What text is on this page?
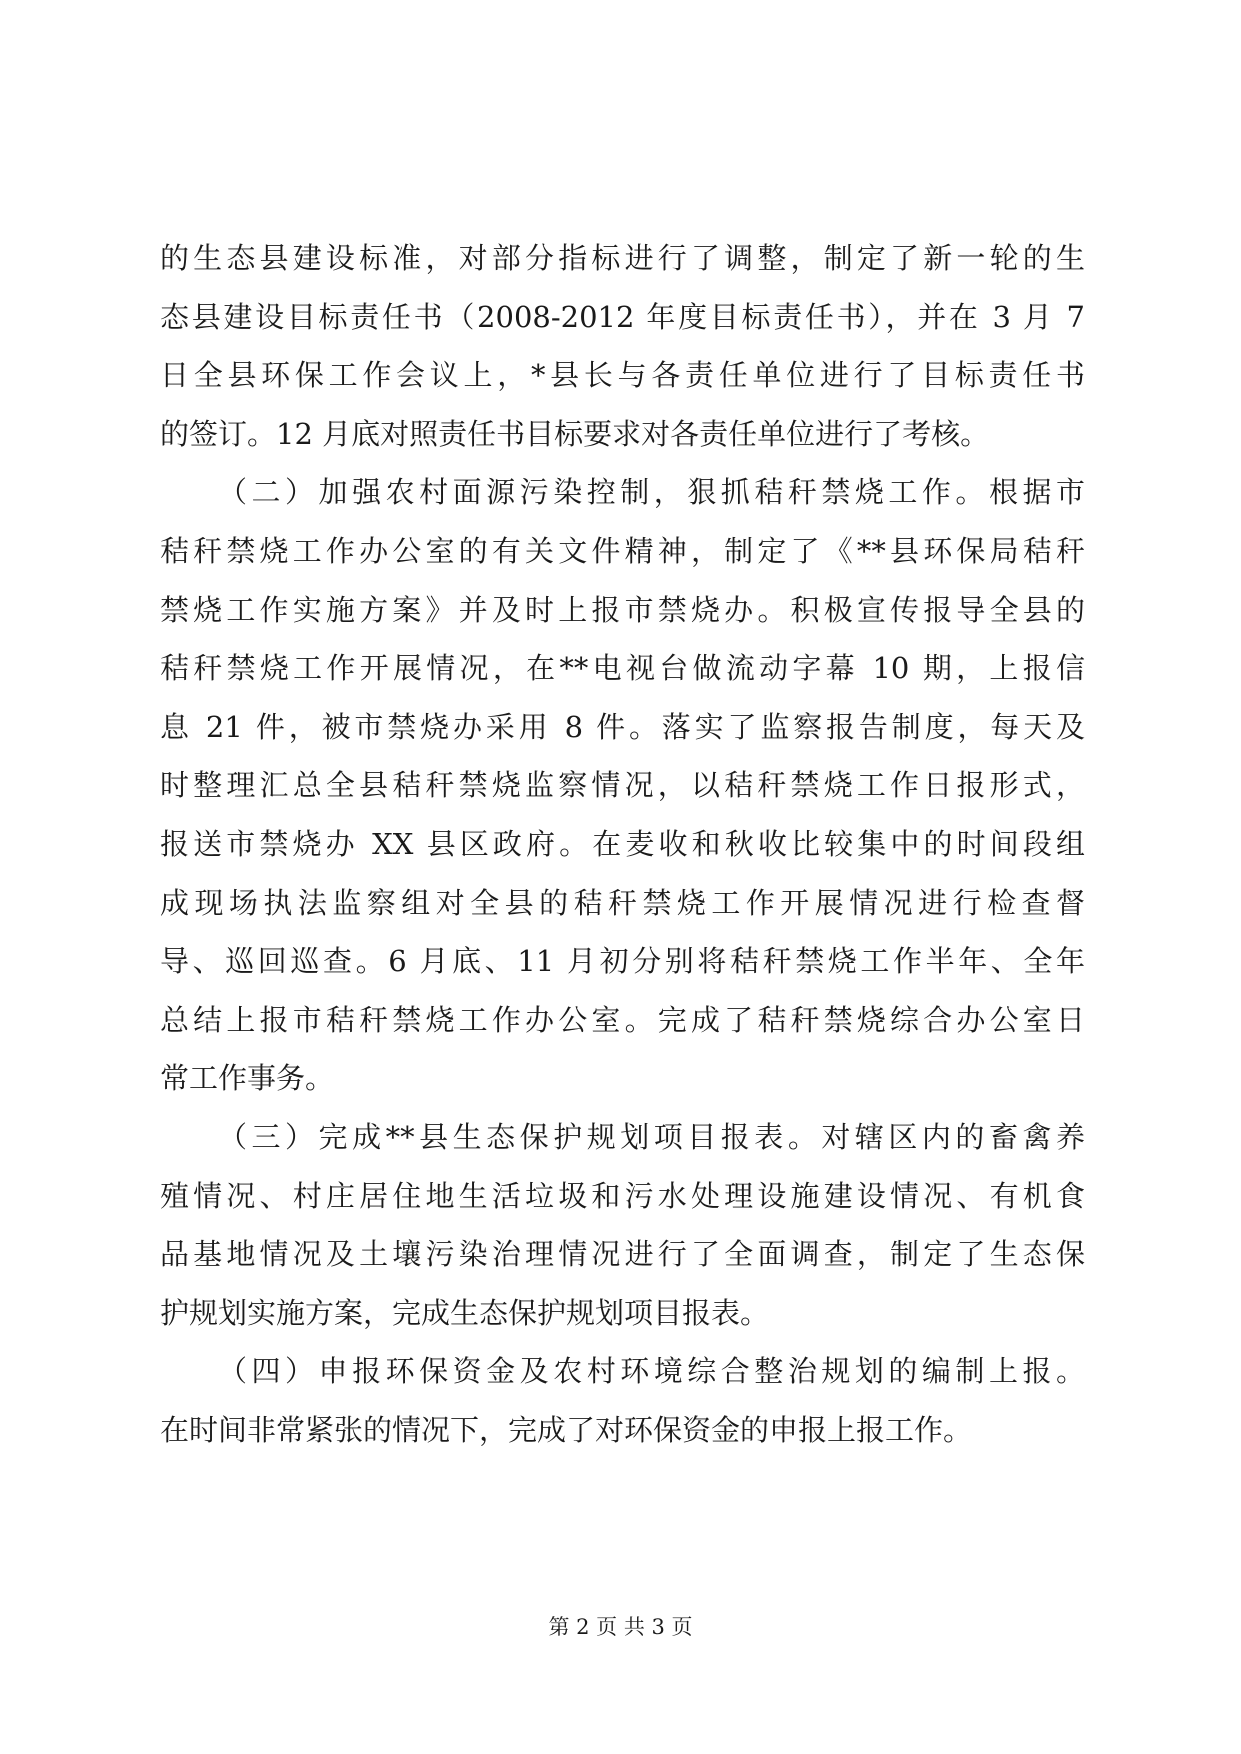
的生态县建设标准，对部分指标进行了调整，制定了新一轮的生
态县建设目标责任书（2008-2012 年度目标责任书），并在 3 月 7
日全县环保工作会议上，*县长与各责任单位进行了目标责任书
的签订。12 月底对照责任书目标要求对各责任单位进行了考核。
（二）加强农村面源污染控制，狠抓秸秆禁烧工作。根据市
秸秆禁烧工作办公室的有关文件精神，制定了《**县环保局秸秆
禁烧工作实施方案》并及时上报市禁烧办。积极宣传报导全县的
秸秆禁烧工作开展情况，在**电视台做流动字幕 10 期，上报信
息 21 件，被市禁烧办采用 8 件。落实了监察报告制度，每天及
时整理汇总全县秸秆禁烧监察情况，以秸秆禁烧工作日报形式，
报送市禁烧办 XX 县区政府。在麦收和秋收比较集中的时间段组
成现场执法监察组对全县的秸秆禁烧工作开展情况进行检查督
导、巡回巡查。6 月底、11 月初分别将秸秆禁烧工作半年、全年
总结上报市秸秆禁烧工作办公室。完成了秸秆禁烧综合办公室日
常工作事务。
（三）完成**县生态保护规划项目报表。对辖区内的畜禽养
殖情况、村庄居住地生活垃圾和污水处理设施建设情况、有机食
品基地情况及土壤污染治理情况进行了全面调查，制定了生态保
护规划实施方案，完成生态保护规划项目报表。
（四）申报环保资金及农村环境综合整治规划的编制上报。
在时间非常紧张的情况下，完成了对环保资金的申报上报工作。
第 2 页 共 3 页
